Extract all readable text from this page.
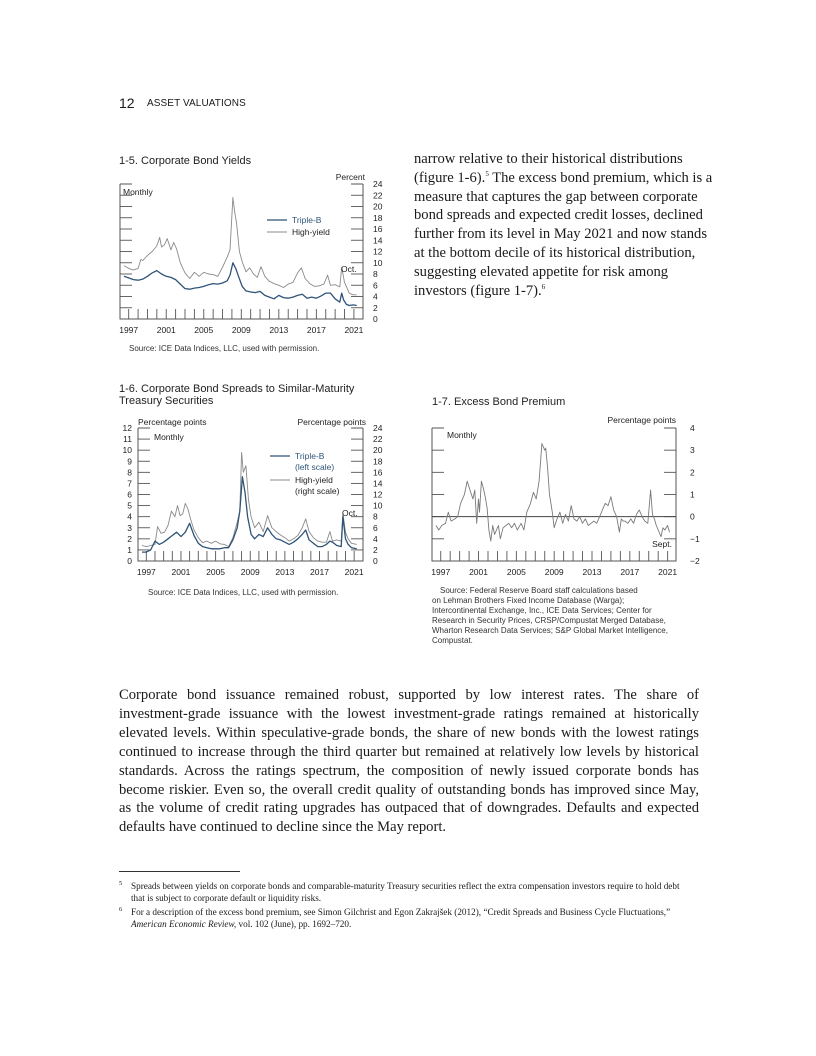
12 ASSET VALUATIONS
1-5. Corporate Bond Yields
1997 2001 2005 2009 2013 2017 2021
24
22
20
18
16
14
12
10
8
6
4
2
0
Percent
Monthly
Triple-B
High-yield
Oct.
Source: ICE Data Indices, LLC, used with permission.
1-6. Corporate Bond Spreads to Similar-Maturity
Treasury Securities
1997 2001 2005 2009 2013 2017 2021
24
22
20
18
16
14
12
10
8
6
4
2
0
12
11
10
9
8
7
6
5
4
3
2
1
0
Percentage points	Percentage points
Monthly
Triple-B
(left scale)
High-yield
(right scale)
Oct.
Source: ICE Data Indices, LLC, used with permission.
1-7. Excess Bond Premium
1997 2001 2005 2009 2013 2017 2021
4
3
2
1
0
−1
−2
Percentage points
Monthly
Sept.
Source: Federal Reserve Board staff calculations based
on Lehman Brothers Fixed Income Database (Warga);
Intercontinental Exchange, Inc., ICE Data Services; Center for
Research in Security Prices, CRSP/Compustat Merged Database,
Wharton Research Data Services; S&P Global Market Intelligence,
Compustat.

narrow relative to their historical distributions (figure 1-6).$^5$ The excess bond premium, which is a measure that captures the gap between corporate bond spreads and expected credit losses, declined further from its level in May 2021 and now stands at the bottom decile of its historical distribution, suggesting elevated appetite for risk among investors (figure 1-7).$^6$

Corporate bond issuance remained robust, supported by low interest rates. The share of investment-grade issuance with the lowest investment-grade ratings remained at historically elevated levels. Within speculative-grade bonds, the share of new bonds with the lowest ratings continued to increase through the third quarter but remained at relatively low levels by historical standards. Across the ratings spectrum, the composition of newly issued corporate bonds has become riskier. Even so, the overall credit quality of outstanding bonds has improved since May, as the volume of credit rating upgrades has outpaced that of downgrades. Defaults and expected defaults have continued to decline since the May report.

5 Spreads between yields on corporate bonds and comparable-maturity Treasury securities reflect the extra compensation investors require to hold debt that is subject to corporate default or liquidity risks.
6 For a description of the excess bond premium, see Simon Gilchrist and Egon Zakrajšek (2012), “Credit Spreads and Business Cycle Fluctuations,” American Economic Review, vol. 102 (June), pp. 1692–720.
